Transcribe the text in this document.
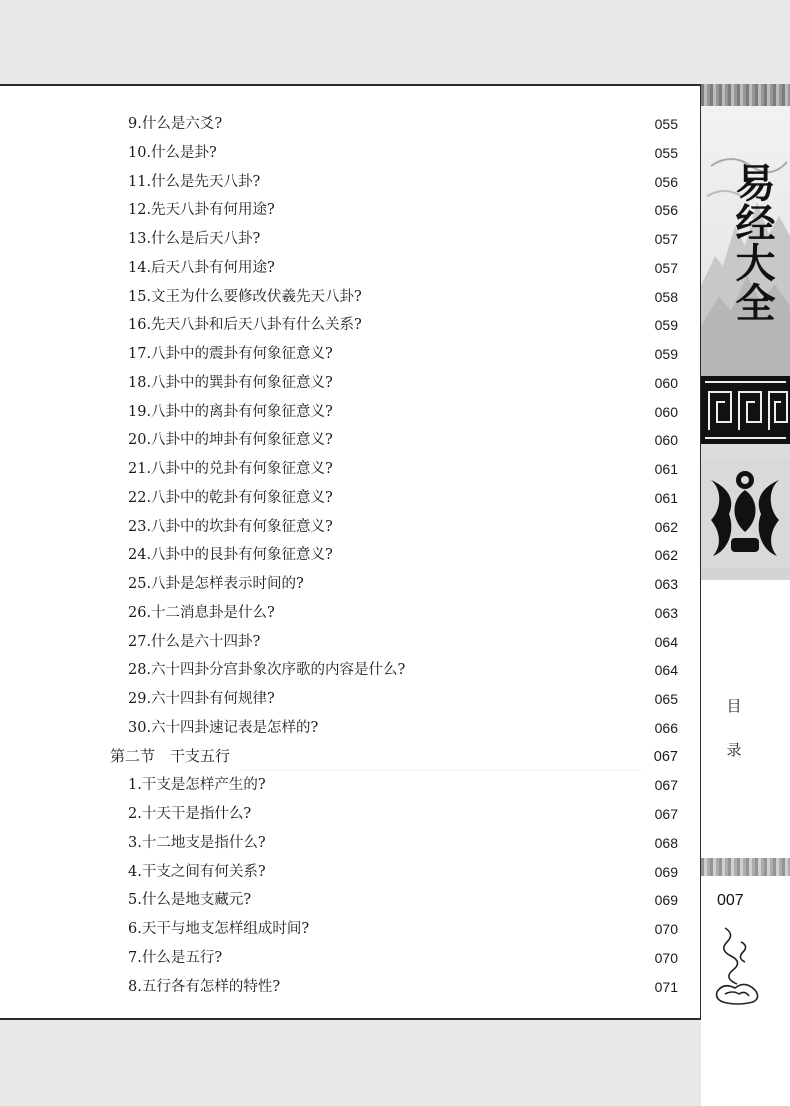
9.什么是六爻?	055
10.什么是卦?	055
11.什么是先天八卦?	056
12.先天八卦有何用途?	056
13.什么是后天八卦?	057
14.后天八卦有何用途?	057
15.文王为什么要修改伏羲先天八卦?	058
16.先天八卦和后天八卦有什么关系?	059
17.八卦中的震卦有何象征意义?	059
18.八卦中的巽卦有何象征意义?	060
19.八卦中的离卦有何象征意义?	060
20.八卦中的坤卦有何象征意义?	060
21.八卦中的兑卦有何象征意义?	061
22.八卦中的乾卦有何象征意义?	061
23.八卦中的坎卦有何象征意义?	062
24.八卦中的艮卦有何象征意义?	062
25.八卦是怎样表示时间的?	063
26.十二消息卦是什么?	063
27.什么是六十四卦?	064
28.六十四卦分宫卦象次序歌的内容是什么?	064
29.六十四卦有何规律?	065
30.六十四卦速记表是怎样的?	066
第二节　干支五行	067
1.干支是怎样产生的?	067
2.十天干是指什么?	067
3.十二地支是指什么?	068
4.干支之间有何关系?	069
5.什么是地支藏元?	069
6.天干与地支怎样组成时间?	070
7.什么是五行?	070
8.五行各有怎样的特性?	071
易经大全
目
录
007
